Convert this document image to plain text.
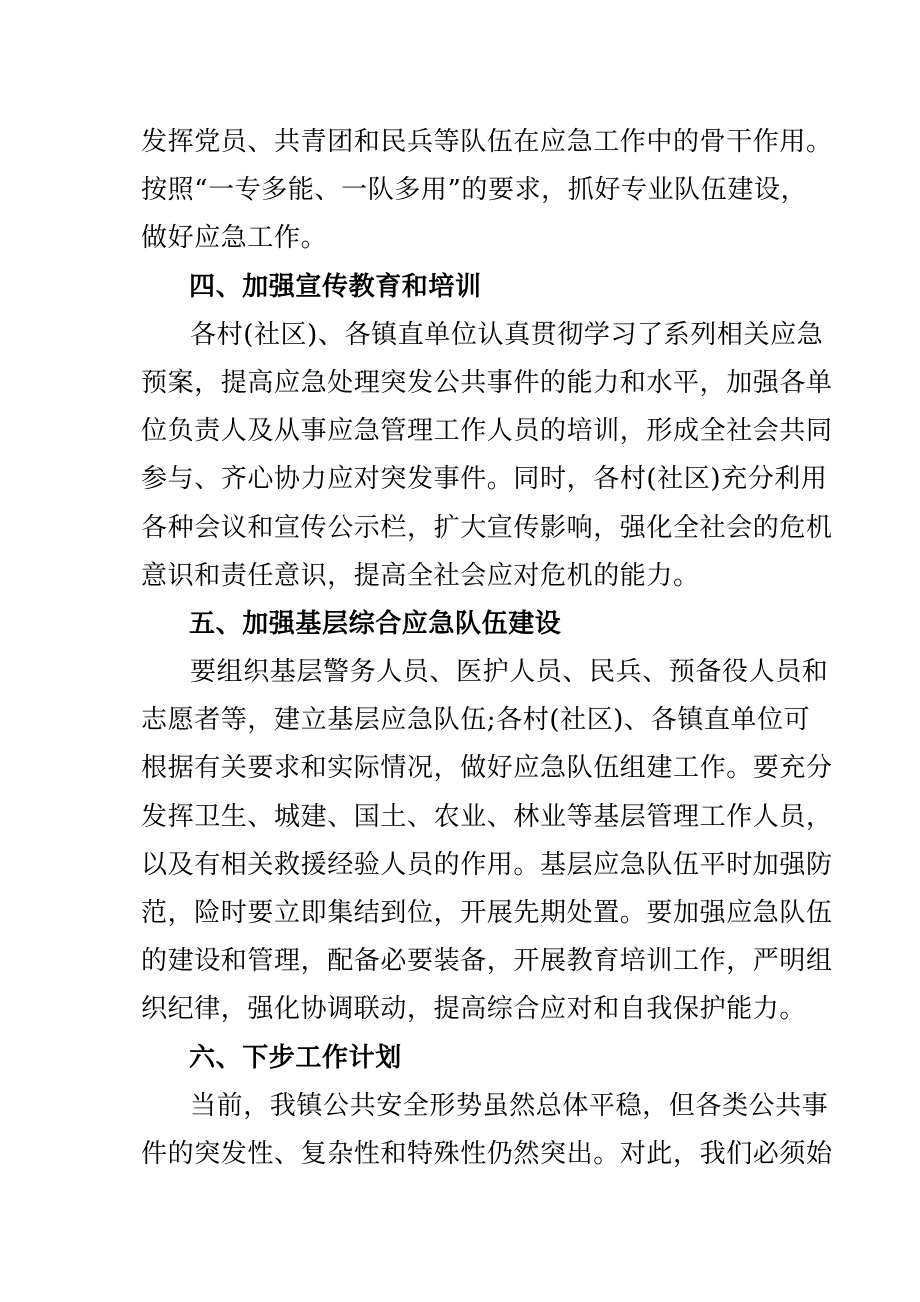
发挥党员、共青团和民兵等队伍在应急工作中的骨干作用。
按照“一专多能、一队多用”的要求，抓好专业队伍建设，
做好应急工作。
四、加强宣传教育和培训
各村(社区)、各镇直单位认真贯彻学习了系列相关应急
预案，提高应急处理突发公共事件的能力和水平，加强各单
位负责人及从事应急管理工作人员的培训，形成全社会共同
参与、齐心协力应对突发事件。同时，各村(社区)充分利用
各种会议和宣传公示栏，扩大宣传影响，强化全社会的危机
意识和责任意识，提高全社会应对危机的能力。
五、加强基层综合应急队伍建设
要组织基层警务人员、医护人员、民兵、预备役人员和
志愿者等，建立基层应急队伍;各村(社区)、各镇直单位可
根据有关要求和实际情况，做好应急队伍组建工作。要充分
发挥卫生、城建、国土、农业、林业等基层管理工作人员，
以及有相关救援经验人员的作用。基层应急队伍平时加强防
范，险时要立即集结到位，开展先期处置。要加强应急队伍
的建设和管理，配备必要装备，开展教育培训工作，严明组
织纪律，强化协调联动，提高综合应对和自我保护能力。
六、下步工作计划
当前，我镇公共安全形势虽然总体平稳，但各类公共事
件的突发性、复杂性和特殊性仍然突出。对此，我们必须始
